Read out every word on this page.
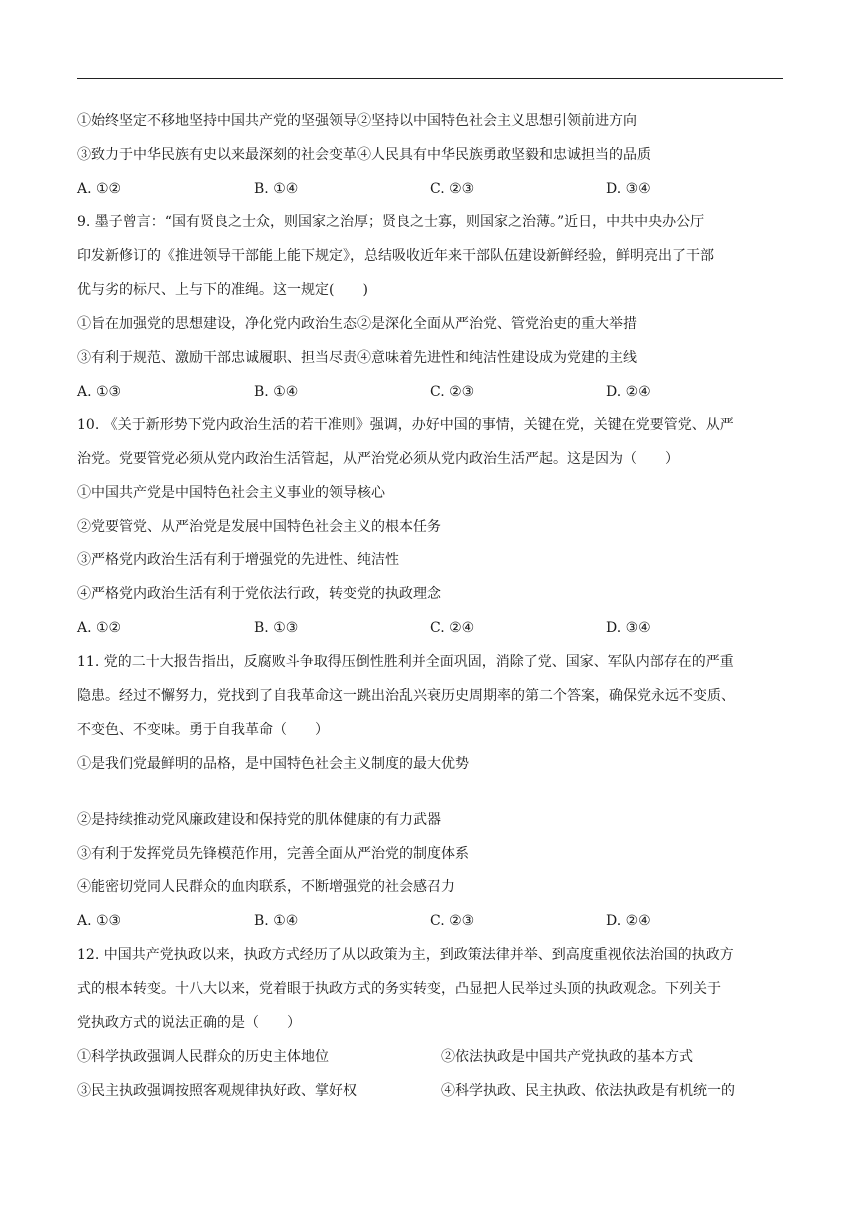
①始终坚定不移地坚持中国共产党的坚强领导②坚持以中国特色社会主义思想引领前进方向
③致力于中华民族有史以来最深刻的社会变革④人民具有中华民族勇敢坚毅和忠诚担当的品质
A. ①②	B. ①④	C. ②③	D. ③④
9. 墨子曾言：“国有贤良之士众，则国家之治厚；贤良之士寡，则国家之治薄。”近日，中共中央办公厅
印发新修订的《推进领导干部能上能下规定》，总结吸收近年来干部队伍建设新鲜经验，鲜明亮出了干部
优与劣的标尺、上与下的准绳。这一规定(　　)
①旨在加强党的思想建设，净化党内政治生态②是深化全面从严治党、管党治吏的重大举措
③有利于规范、激励干部忠诚履职、担当尽责④意味着先进性和纯洁性建设成为党建的主线
A. ①③	B. ①④	C. ②③	D. ②④
10. 《关于新形势下党内政治生活的若干准则》强调，办好中国的事情，关键在党，关键在党要管党、从严
治党。党要管党必须从党内政治生活管起，从严治党必须从党内政治生活严起。这是因为（　　）
①中国共产党是中国特色社会主义事业的领导核心
②党要管党、从严治党是发展中国特色社会主义的根本任务
③严格党内政治生活有利于增强党的先进性、纯洁性
④严格党内政治生活有利于党依法行政，转变党的执政理念
A. ①②	B. ①③	C. ②④	D. ③④
11. 党的二十大报告指出，反腐败斗争取得压倒性胜利并全面巩固，消除了党、国家、军队内部存在的严重
隐患。经过不懈努力，党找到了自我革命这一跳出治乱兴衰历史周期率的第二个答案，确保党永远不变质、
不变色、不变味。勇于自我革命（　　）
①是我们党最鲜明的品格，是中国特色社会主义制度的最大优势
②是持续推动党风廉政建设和保持党的肌体健康的有力武器
③有利于发挥党员先锋模范作用，完善全面从严治党的制度体系
④能密切党同人民群众的血肉联系，不断增强党的社会感召力
A. ①③	B. ①④	C. ②③	D. ②④
12. 中国共产党执政以来，执政方式经历了从以政策为主，到政策法律并举、到高度重视依法治国的执政方
式的根本转变。十八大以来，党着眼于执政方式的务实转变，凸显把人民举过头顶的执政观念。下列关于
党执政方式的说法正确的是（　　）
①科学执政强调人民群众的历史主体地位	②依法执政是中国共产党执政的基本方式
③民主执政强调按照客观规律执好政、掌好权	④科学执政、民主执政、依法执政是有机统一的
